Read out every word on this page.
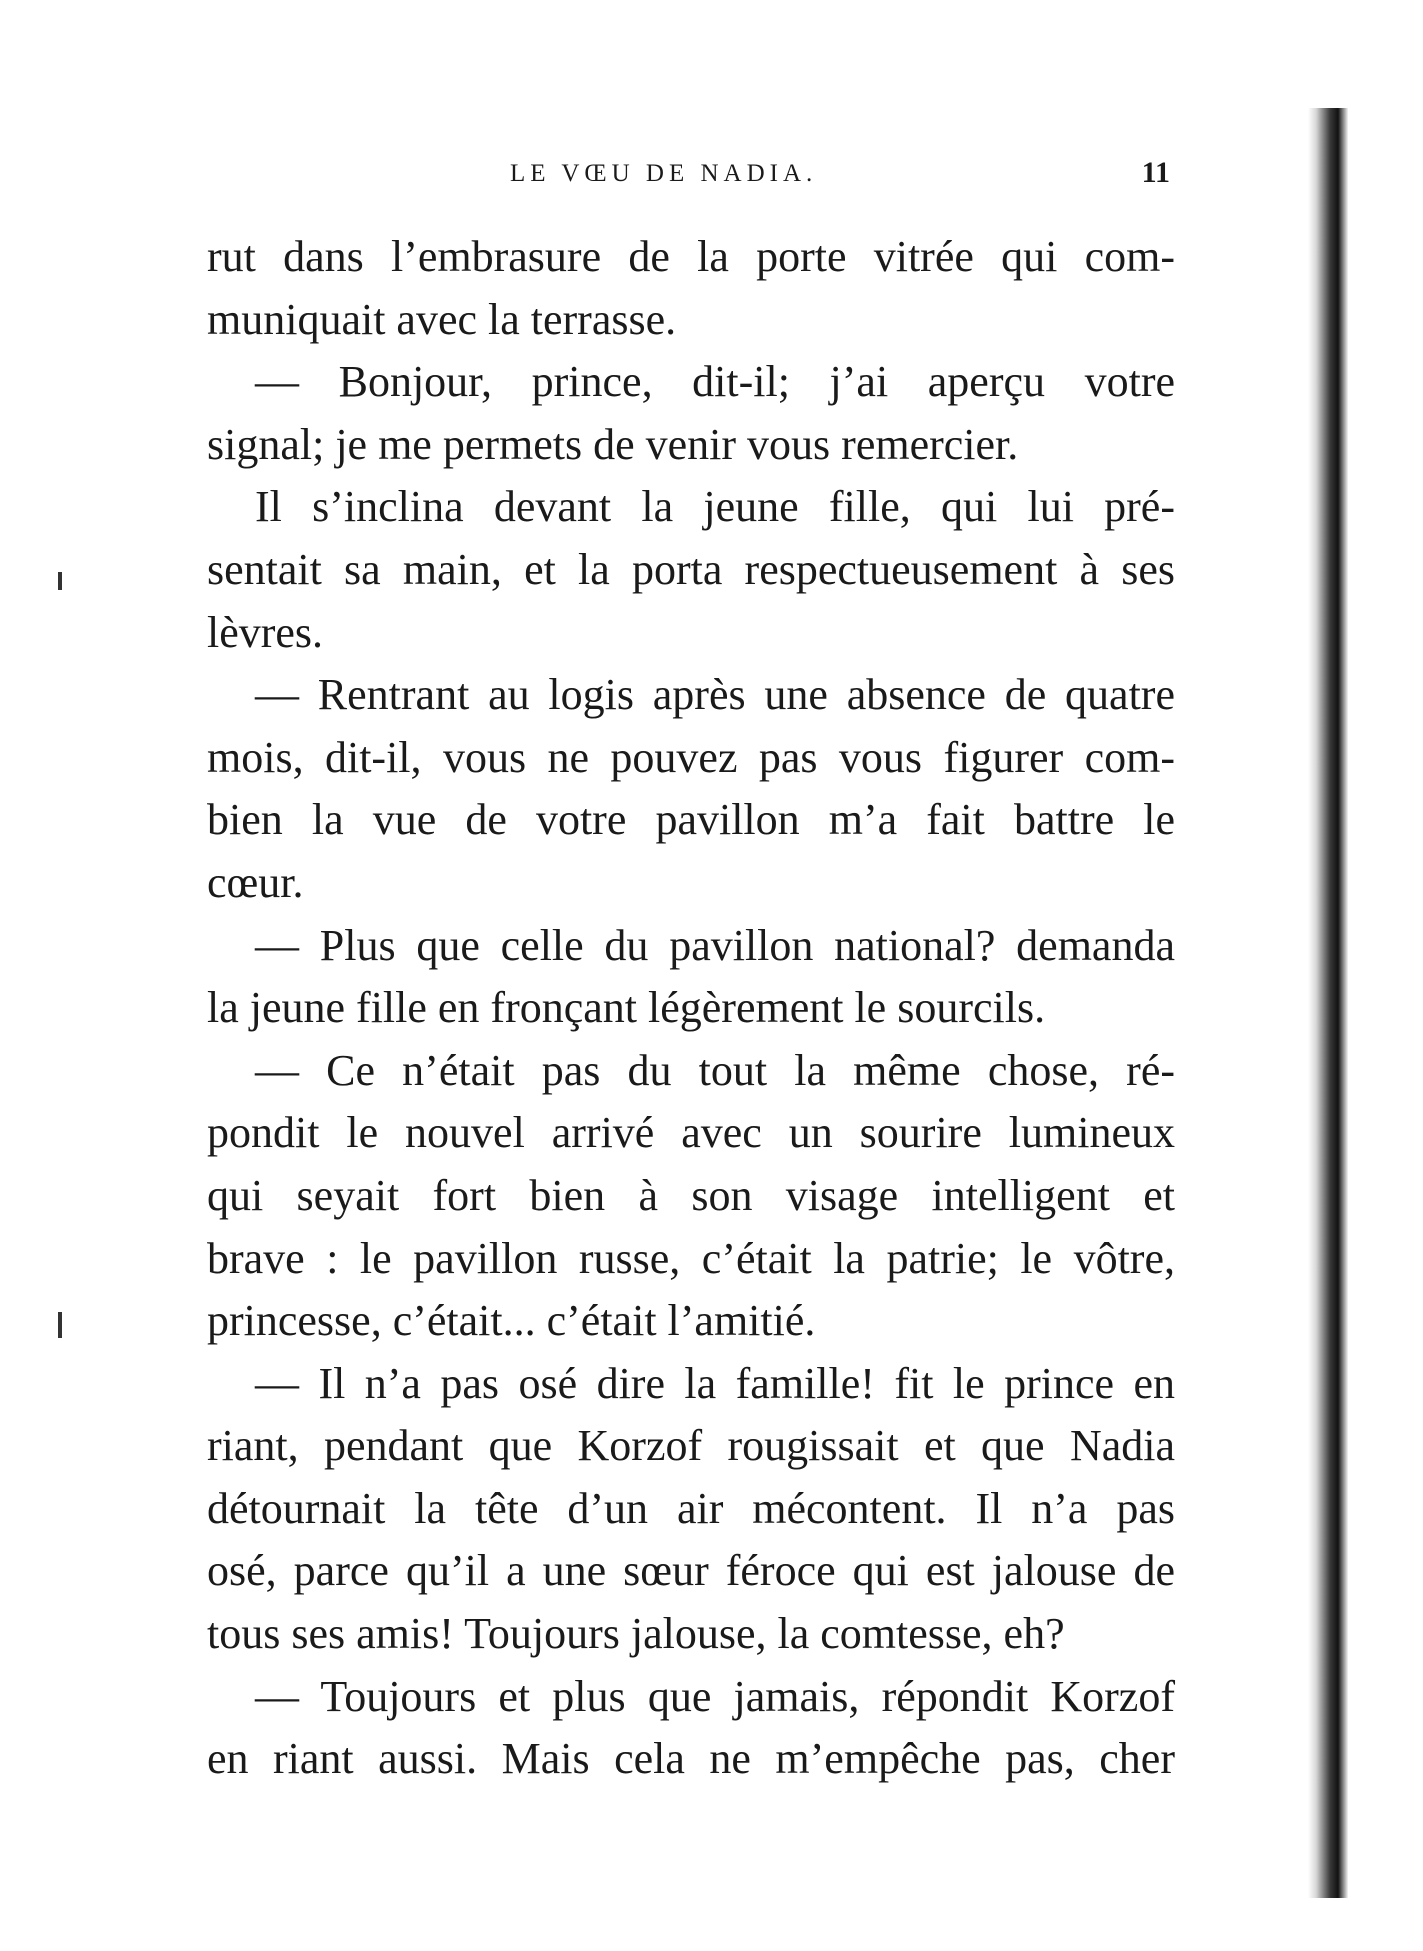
LE VŒU DE NADIA.	11
rut dans l’embrasure de la porte vitrée qui com-
muniquait avec la terrasse.
— Bonjour, prince, dit-il; j’ai aperçu votre
signal; je me permets de venir vous remercier.
Il s’inclina devant la jeune fille, qui lui pré-
sentait sa main, et la porta respectueusement à ses
lèvres.
— Rentrant au logis après une absence de quatre
mois, dit-il, vous ne pouvez pas vous figurer com-
bien la vue de votre pavillon m’a fait battre le
cœur.
— Plus que celle du pavillon national? demanda
la jeune fille en fronçant légèrement le sourcils.
— Ce n’était pas du tout la même chose, ré-
pondit le nouvel arrivé avec un sourire lumineux
qui seyait fort bien à son visage intelligent et
brave : le pavillon russe, c’était la patrie; le vôtre,
princesse, c’était... c’était l’amitié.
— Il n’a pas osé dire la famille! fit le prince en
riant, pendant que Korzof rougissait et que Nadia
détournait la tête d’un air mécontent. Il n’a pas
osé, parce qu’il a une sœur féroce qui est jalouse de
tous ses amis! Toujours jalouse, la comtesse, eh?
— Toujours et plus que jamais, répondit Korzof
en riant aussi. Mais cela ne m’empêche pas, cher
